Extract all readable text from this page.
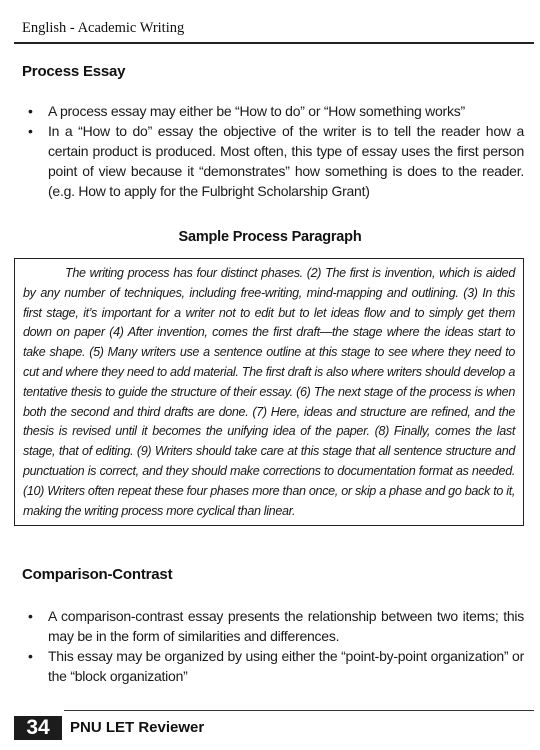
English - Academic Writing
Process Essay
• A process essay may either be “How to do” or “How something works”
• In a “How to do” essay the objective of the writer is to tell the reader how a certain product is produced. Most often, this type of essay uses the first person point of view because it “demonstrates” how something is does to the reader. (e.g. How to apply for the Fulbright Scholarship Grant)
Sample Process Paragraph

The writing process has four distinct phases. (2) The first is invention, which is aided by any number of techniques, including free-writing, mind-mapping and outlining. (3) In this first stage, it’s important for a writer not to edit but to let ideas flow and to simply get them down on paper (4) After invention, comes the first draft—the stage where the ideas start to take shape. (5) Many writers use a sentence outline at this stage to see where they need to cut and where they need to add material. The first draft is also where writers should develop a tentative thesis to guide the structure of their essay. (6) The next stage of the process is when both the second and third drafts are done. (7) Here, ideas and structure are refined, and the thesis is revised until it becomes the unifying idea of the paper. (8) Finally, comes the last stage, that of editing. (9) Writers should take care at this stage that all sentence structure and punctuation is correct, and they should make corrections to documentation format as needed. (10) Writers often repeat these four phases more than once, or skip a phase and go back to it, making the writing process more cyclical than linear.

Comparison-Contrast
• A comparison-contrast essay presents the relationship between two items; this may be in the form of similarities and differences.
• This essay may be organized by using either the “point-by-point organization” or the “block organization”
34	PNU LET Reviewer
